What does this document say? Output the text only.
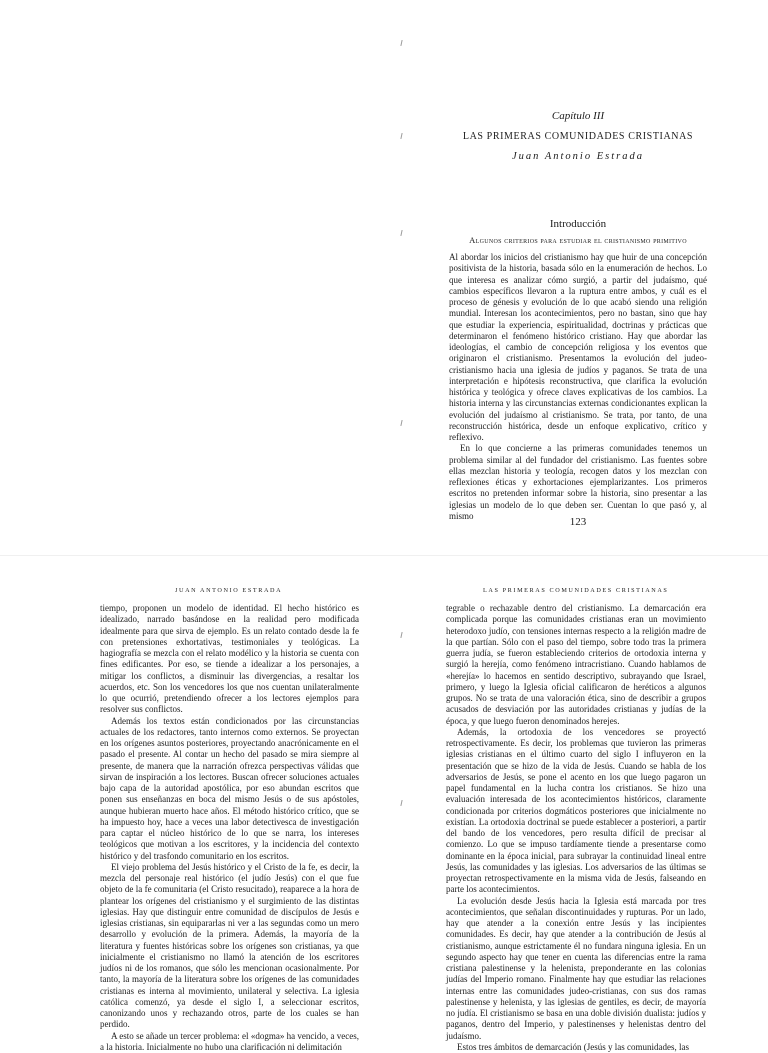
Capítulo III
LAS PRIMERAS COMUNIDADES CRISTIANAS
Juan Antonio Estrada
Introducción
Algunos criterios para estudiar el cristianismo primitivo

Al abordar los inicios del cristianismo hay que huir de una concepción positivista de la historia, basada sólo en la enumeración de hechos. Lo que interesa es analizar cómo surgió, a partir del judaísmo, qué cambios específicos llevaron a la ruptura entre ambos, y cuál es el proceso de génesis y evolución de lo que acabó siendo una religión mundial. Interesan los acontecimientos, pero no bastan, sino que hay que estudiar la experiencia, espiritualidad, doctrinas y prácticas que determinaron el fenómeno histórico cristiano. Hay que abordar las ideologías, el cambio de concepción religiosa y los eventos que originaron el cristianismo. Presentamos la evolución del judeo-cristianismo hacia una iglesia de judíos y paganos. Se trata de una interpretación e hipótesis reconstructiva, que clarifica la evolución histórica y teológica y ofrece claves explicativas de los cambios. La historia interna y las circunstancias externas condicionantes explican la evolución del judaísmo al cristianismo. Se trata, por tanto, de una reconstrucción histórica, desde un enfoque explicativo, crítico y reflexivo.

En lo que concierne a las primeras comunidades tenemos un problema similar al del fundador del cristianismo. Las fuentes sobre ellas mezclan historia y teología, recogen datos y los mezclan con reflexiones éticas y exhortaciones ejemplarizantes. Los primeros escritos no pretenden informar sobre la historia, sino presentar a las iglesias un modelo de lo que deben ser. Cuentan lo que pasó y, al mismo

123
JUAN ANTONIO ESTRADA	LAS PRIMERAS COMUNIDADES CRISTIANAS

tiempo, proponen un modelo de identidad. El hecho histórico es idealizado, narrado basándose en la realidad pero modificada idealmente para que sirva de ejemplo. Es un relato contado desde la fe con pretensiones exhortativas, testimoniales y teológicas. La hagiografía se mezcla con el relato modélico y la historia se cuenta con fines edificantes. Por eso, se tiende a idealizar a los personajes, a mitigar los conflictos, a disminuir las divergencias, a resaltar los acuerdos, etc. Son los vencedores los que nos cuentan unilateralmente lo que ocurrió, pretendiendo ofrecer a los lectores ejemplos para resolver sus conflictos.

Además los textos están condicionados por las circunstancias actuales de los redactores, tanto internos como externos. Se proyectan en los orígenes asuntos posteriores, proyectando anacrónicamente en el pasado el presente. Al contar un hecho del pasado se mira siempre al presente, de manera que la narración ofrezca perspectivas válidas que sirvan de inspiración a los lectores. Buscan ofrecer soluciones actuales bajo capa de la autoridad apostólica, por eso abundan escritos que ponen sus enseñanzas en boca del mismo Jesús o de sus apóstoles, aunque hubieran muerto hace años. El método histórico crítico, que se ha impuesto hoy, hace a veces una labor detectivesca de investigación para captar el núcleo histórico de lo que se narra, los intereses teológicos que motivan a los escritores, y la incidencia del contexto histórico y del trasfondo comunitario en los escritos.

El viejo problema del Jesús histórico y el Cristo de la fe, es decir, la mezcla del personaje real histórico (el judío Jesús) con el que fue objeto de la fe comunitaria (el Cristo resucitado), reaparece a la hora de plantear los orígenes del cristianismo y el surgimiento de las distintas iglesias. Hay que distinguir entre comunidad de discípulos de Jesús e iglesias cristianas, sin equipararlas ni ver a las segundas como un mero desarrollo y evolución de la primera. Además, la mayoría de la literatura y fuentes históricas sobre los orígenes son cristianas, ya que inicialmente el cristianismo no llamó la atención de los escritores judíos ni de los romanos, que sólo les mencionan ocasionalmente. Por tanto, la mayoría de la literatura sobre los orígenes de las comunidades cristianas es interna al movimiento, unilateral y selectiva. La iglesia católica comenzó, ya desde el siglo I, a seleccionar escritos, canonizando unos y rechazando otros, parte de los cuales se han perdido.

A esto se añade un tercer problema: el «dogma» ha vencido, a veces, a la historia. Inicialmente no hubo una clarificación ni delimitación

tegrable o rechazable dentro del cristianismo. La demarcación era complicada porque las comunidades cristianas eran un movimiento heterodoxo judío, con tensiones internas respecto a la religión madre de la que partían. Sólo con el paso del tiempo, sobre todo tras la primera guerra judía, se fueron estableciendo criterios de ortodoxia interna y surgió la herejía, como fenómeno intracristiano. Cuando hablamos de «herejía» lo hacemos en sentido descriptivo, subrayando que Israel, primero, y luego la Iglesia oficial calificaron de heréticos a algunos grupos. No se trata de una valoración ética, sino de describir a grupos acusados de desviación por las autoridades cristianas y judías de la época, y que luego fueron denominados herejes.

Además, la ortodoxia de los vencedores se proyectó retrospectivamente. Es decir, los problemas que tuvieron las primeras iglesias cristianas en el último cuarto del siglo I influyeron en la presentación que se hizo de la vida de Jesús. Cuando se habla de los adversarios de Jesús, se pone el acento en los que luego pagaron un papel fundamental en la lucha contra los cristianos. Se hizo una evaluación interesada de los acontecimientos históricos, claramente condicionada por criterios dogmáticos posteriores que inicialmente no existían. La ortodoxia doctrinal se puede establecer a posteriori, a partir del bando de los vencedores, pero resulta difícil de precisar al comienzo. Lo que se impuso tardíamente tiende a presentarse como dominante en la época inicial, para subrayar la continuidad lineal entre Jesús, las comunidades y las iglesias. Los adversarios de las últimas se proyectan retrospectivamente en la misma vida de Jesús, falseando en parte los acontecimientos.

La evolución desde Jesús hacia la Iglesia está marcada por tres acontecimientos, que señalan discontinuidades y rupturas. Por un lado, hay que atender a la conexión entre Jesús y las incipientes comunidades. Es decir, hay que atender a la contribución de Jesús al cristianismo, aunque estrictamente él no fundara ninguna iglesia. En un segundo aspecto hay que tener en cuenta las diferencias entre la rama cristiana palestinense y la helenista, preponderante en las colonias judías del Imperio romano. Finalmente hay que estudiar las relaciones internas entre las comunidades judeo-cristianas, con sus dos ramas palestinense y helenista, y las iglesias de gentiles, es decir, de mayoría no judía. El cristianismo se basa en una doble división dualista: judíos y paganos, dentro del Imperio, y palestinenses y helenistas dentro del judaísmo.

Estos tres ámbitos de demarcación (Jesús y las comunidades, las
